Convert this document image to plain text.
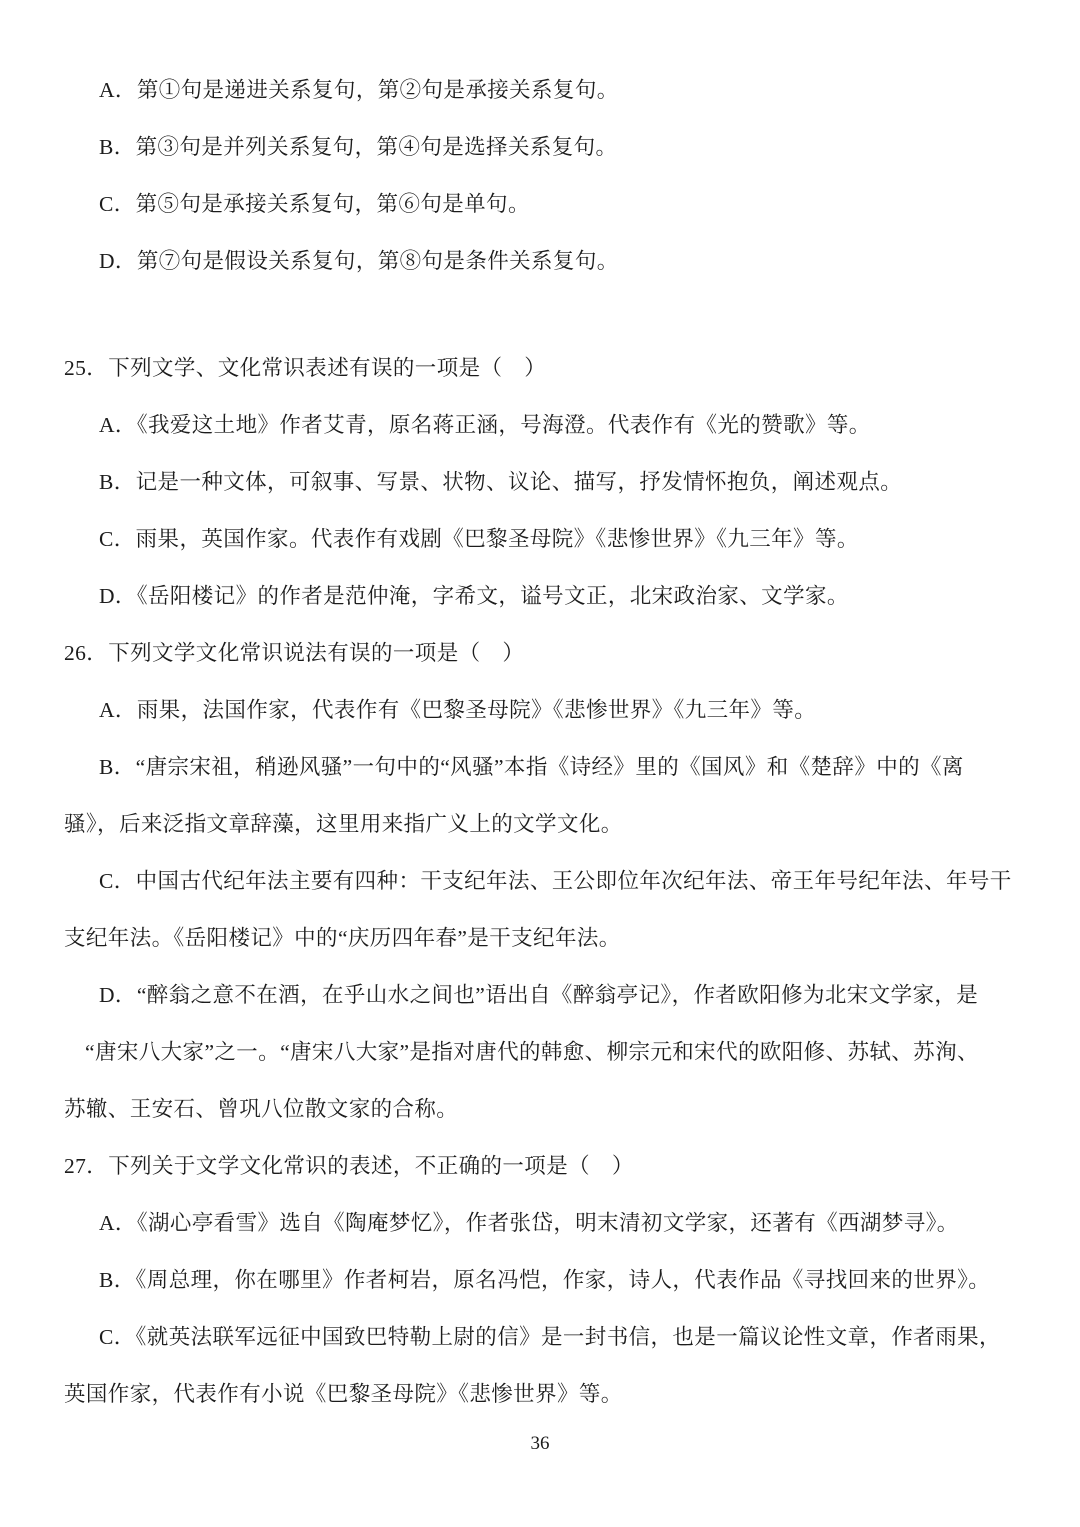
A．第①句是递进关系复句，第②句是承接关系复句。
B．第③句是并列关系复句，第④句是选择关系复句。
C．第⑤句是承接关系复句，第⑥句是单句。
D．第⑦句是假设关系复句，第⑧句是条件关系复句。
25．下列文学、文化常识表述有误的一项是（　）
A．《我爱这土地》作者艾青，原名蒋正涵，号海澄。代表作有《光的赞歌》等。
B．记是一种文体，可叙事、写景、状物、议论、描写，抒发情怀抱负，阐述观点。
C．雨果，英国作家。代表作有戏剧《巴黎圣母院》《悲惨世界》《九三年》等。
D．《岳阳楼记》的作者是范仲淹，字希文，谥号文正，北宋政治家、文学家。
26．下列文学文化常识说法有误的一项是（　）
A．雨果，法国作家，代表作有《巴黎圣母院》《悲惨世界》《九三年》等。
B．“唐宗宋祖，稍逊风骚”一句中的“风骚”本指《诗经》里的《国风》和《楚辞》中的《离
骚》，后来泛指文章辞藻，这里用来指广义上的文学文化。
C．中国古代纪年法主要有四种：干支纪年法、王公即位年次纪年法、帝王年号纪年法、年号干
支纪年法。《岳阳楼记》中的“庆历四年春”是干支纪年法。
D．“醉翁之意不在酒，在乎山水之间也”语出自《醉翁亭记》，作者欧阳修为北宋文学家，是
“唐宋八大家”之一。“唐宋八大家”是指对唐代的韩愈、柳宗元和宋代的欧阳修、苏轼、苏洵、
苏辙、王安石、曾巩八位散文家的合称。
27．下列关于文学文化常识的表述，不正确的一项是（　）
A．《湖心亭看雪》选自《陶庵梦忆》，作者张岱，明末清初文学家，还著有《西湖梦寻》。
B．《周总理，你在哪里》作者柯岩，原名冯恺，作家，诗人，代表作品《寻找回来的世界》。
C．《就英法联军远征中国致巴特勒上尉的信》是一封书信，也是一篇议论性文章，作者雨果，
英国作家，代表作有小说《巴黎圣母院》《悲惨世界》等。
36
